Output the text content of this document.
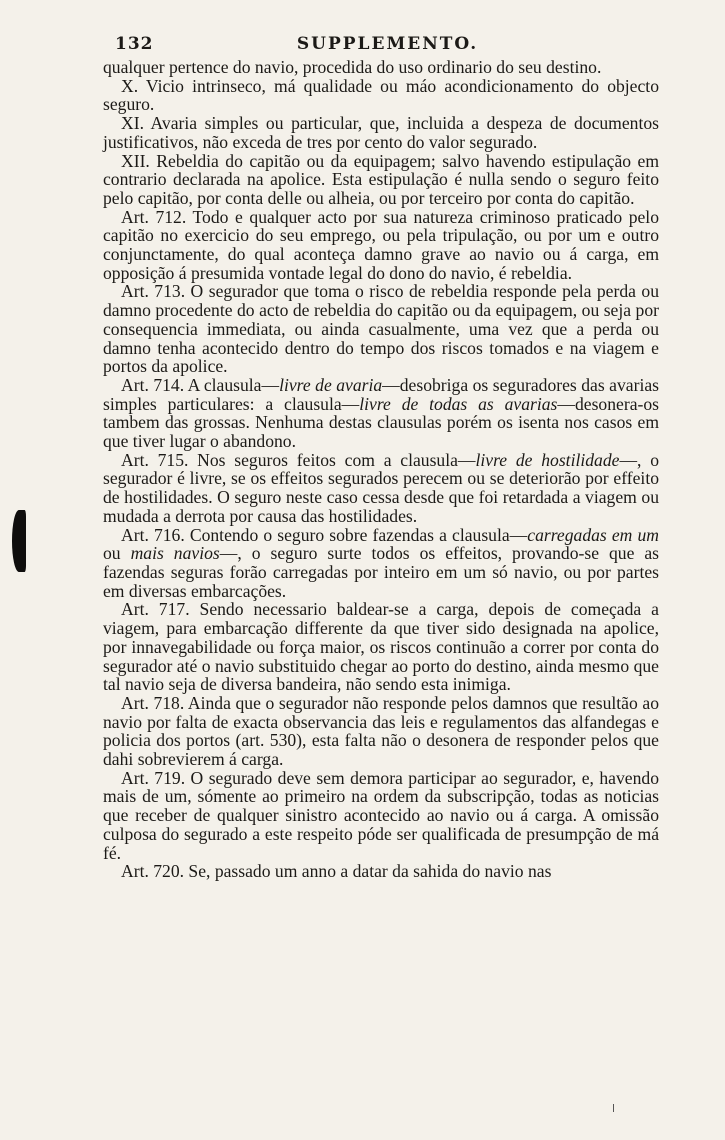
132	SUPPLEMENTO.

qualquer pertence do navio, procedida do uso ordinario do seu destino.

X. Vicio intrinseco, má qualidade ou máo acondicionamento do objecto seguro.

XI. Avaria simples ou particular, que, incluida a despeza de documentos justificativos, não exceda de tres por cento do valor segurado.

XII. Rebeldia do capitão ou da equipagem; salvo havendo estipulação em contrario declarada na apolice. Esta estipulação é nulla sendo o seguro feito pelo capitão, por conta delle ou alheia, ou por terceiro por conta do capitão.

Art. 712. Todo e qualquer acto por sua natureza criminoso praticado pelo capitão no exercicio do seu emprego, ou pela tripulação, ou por um e outro conjunctamente, do qual aconteça damno grave ao navio ou á carga, em opposição á presumida vontade legal do dono do navio, é rebeldia.

Art. 713. O segurador que toma o risco de rebeldia responde pela perda ou damno procedente do acto de rebeldia do capitão ou da equipagem, ou seja por consequencia immediata, ou ainda casualmente, uma vez que a perda ou damno tenha acontecido dentro do tempo dos riscos tomados e na viagem e portos da apolice.

Art. 714. A clausula—livre de avaria—desobriga os seguradores das avarias simples particulares: a clausula—livre de todas as avarias—desonera-os tambem das grossas. Nenhuma destas clausulas porém os isenta nos casos em que tiver lugar o abandono.

Art. 715. Nos seguros feitos com a clausula—livre de hostilidade—, o segurador é livre, se os effeitos segurados perecem ou se deteriorão por effeito de hostilidades. O seguro neste caso cessa desde que foi retardada a viagem ou mudada a derrota por causa das hostilidades.

Art. 716. Contendo o seguro sobre fazendas a clausula—carregadas em um ou mais navios—, o seguro surte todos os effeitos, provando-se que as fazendas seguras forão carregadas por inteiro em um só navio, ou por partes em diversas embarcações.

Art. 717. Sendo necessario baldear-se a carga, depois de começada a viagem, para embarcação differente da que tiver sido designada na apolice, por innavegabilidade ou força maior, os riscos continuão a correr por conta do segurador até o navio substituido chegar ao porto do destino, ainda mesmo que tal navio seja de diversa bandeira, não sendo esta inimiga.

Art. 718. Ainda que o segurador não responde pelos damnos que resultão ao navio por falta de exacta observancia das leis e regulamentos das alfandegas e policia dos portos (art. 530), esta falta não o desonera de responder pelos que dahi sobrevierem á carga.

Art. 719. O segurado deve sem demora participar ao segurador, e, havendo mais de um, sómente ao primeiro na ordem da subscripção, todas as noticias que receber de qualquer sinistro acontecido ao navio ou á carga. A omissão culposa do segurado a este respeito póde ser qualificada de presumpção de má fé.

Art. 720. Se, passado um anno a datar da sahida do navio nas
